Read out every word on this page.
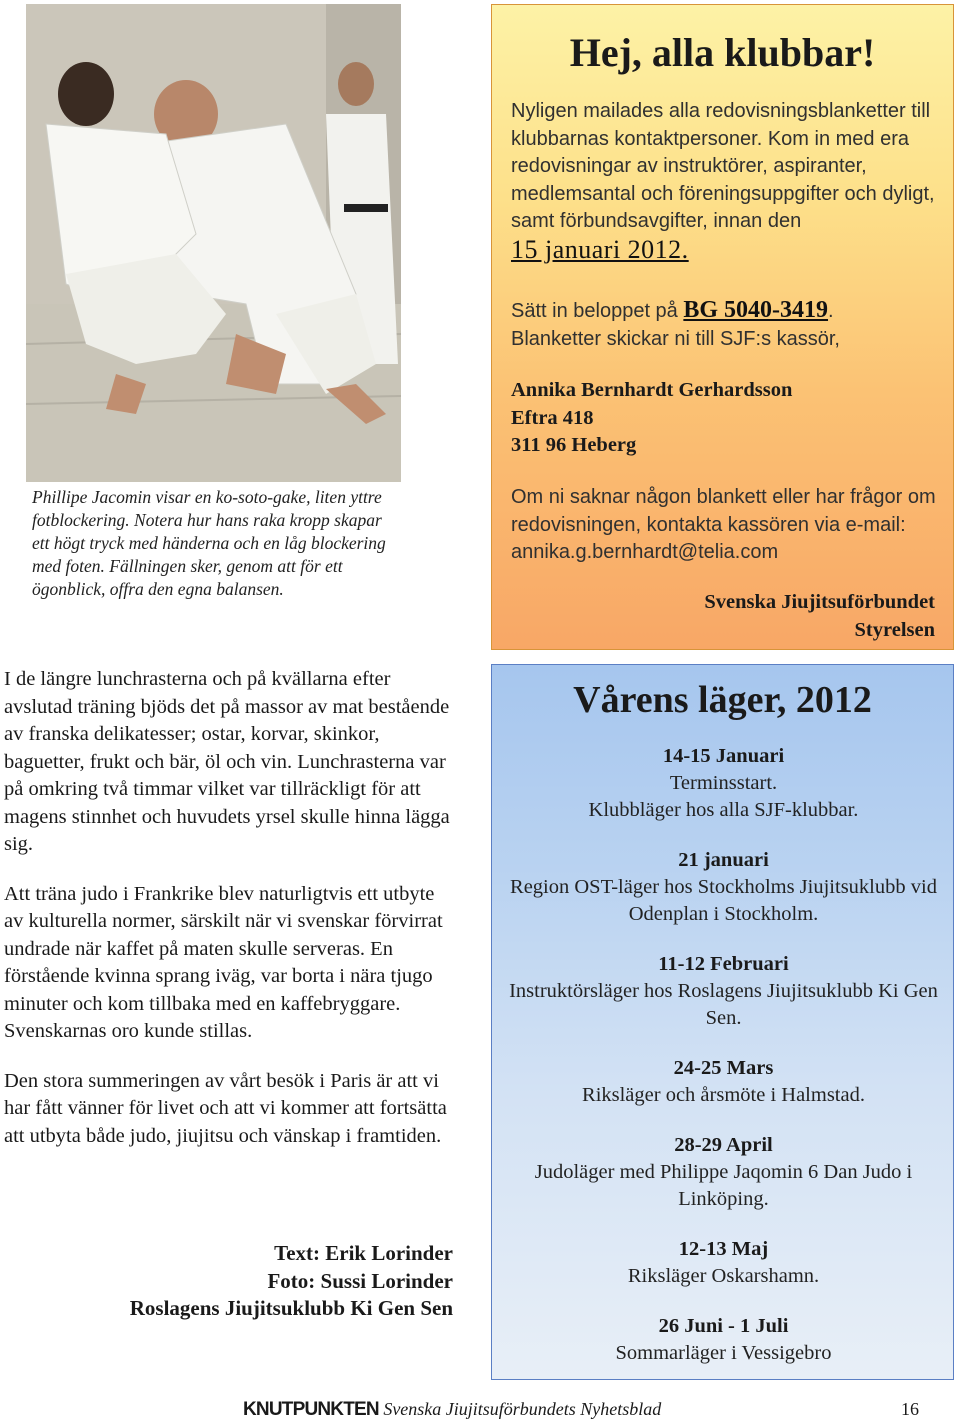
Phillipe Jacomin visar en ko-soto-gake, liten yttre fotblockering. Notera hur hans raka kropp skapar ett högt tryck med händerna och en låg blockering med foten. Fällningen sker, genom att för ett ögonblick, offra den egna balansen.

I de längre lunchrasterna och på kvällarna efter avslutad träning bjöds det på massor av mat bestående av franska delikatesser; ostar, korvar, skinkor, baguetter, frukt och bär, öl och vin. Lunchrasterna var på omkring två timmar vilket var tillräckligt för att magens stinnhet och huvudets yrsel skulle hinna lägga sig.

Att träna judo i Frankrike blev naturligtvis ett utbyte av kulturella normer, särskilt när vi svenskar förvirrat undrade när kaffet på maten skulle serveras. En förstående kvinna sprang iväg, var borta i nära tjugo minuter och kom tillbaka med en kaffebryggare. Svenskarnas oro kunde stillas.

Den stora summeringen av vårt besök i Paris är att vi har fått vänner för livet och att vi kommer att fortsätta att utbyta både judo, jiujitsu och vänskap i framtiden.

Text: Erik Lorinder
Foto: Sussi Lorinder
Roslagens Jiujitsuklubb Ki Gen Sen
Hej, alla klubbar!
Nyligen mailades alla redovisningsblanketter till klubbarnas kontaktpersoner. Kom in med era redovisningar av instruktörer, aspiranter, medlemsantal och föreningsuppgifter och dyligt, samt förbundsavgifter, innan den
15 januari 2012.
Sätt in beloppet på BG 5040-3419.
Blanketter skickar ni till SJF:s kassör,
Annika Bernhardt Gerhardsson
Eftra 418
311 96 Heberg
Om ni saknar någon blankett eller har frågor om redovisningen, kontakta kassören via e-mail: annika.g.bernhardt@telia.com
Svenska Jiujitsuförbundet
Styrelsen
Vårens läger, 2012
14-15 Januari
Terminsstart.
Klubbläger hos alla SJF-klubbar.
21 januari
Region OST-läger hos Stockholms Jiujitsuklubb vid Odenplan i Stockholm.
11-12 Februari
Instruktörsläger hos Roslagens Jiujitsuklubb Ki Gen Sen.
24-25 Mars
Riksläger och årsmöte i Halmstad.
28-29 April
Judoläger med Philippe Jaqomin 6 Dan Judo i Linköping.
12-13 Maj
Riksläger Oskarshamn.
26 Juni - 1 Juli
Sommarläger i Vessigebro
KNUTPUNKTEN Svenska Jiujitsuförbundets Nyhetsblad	16
